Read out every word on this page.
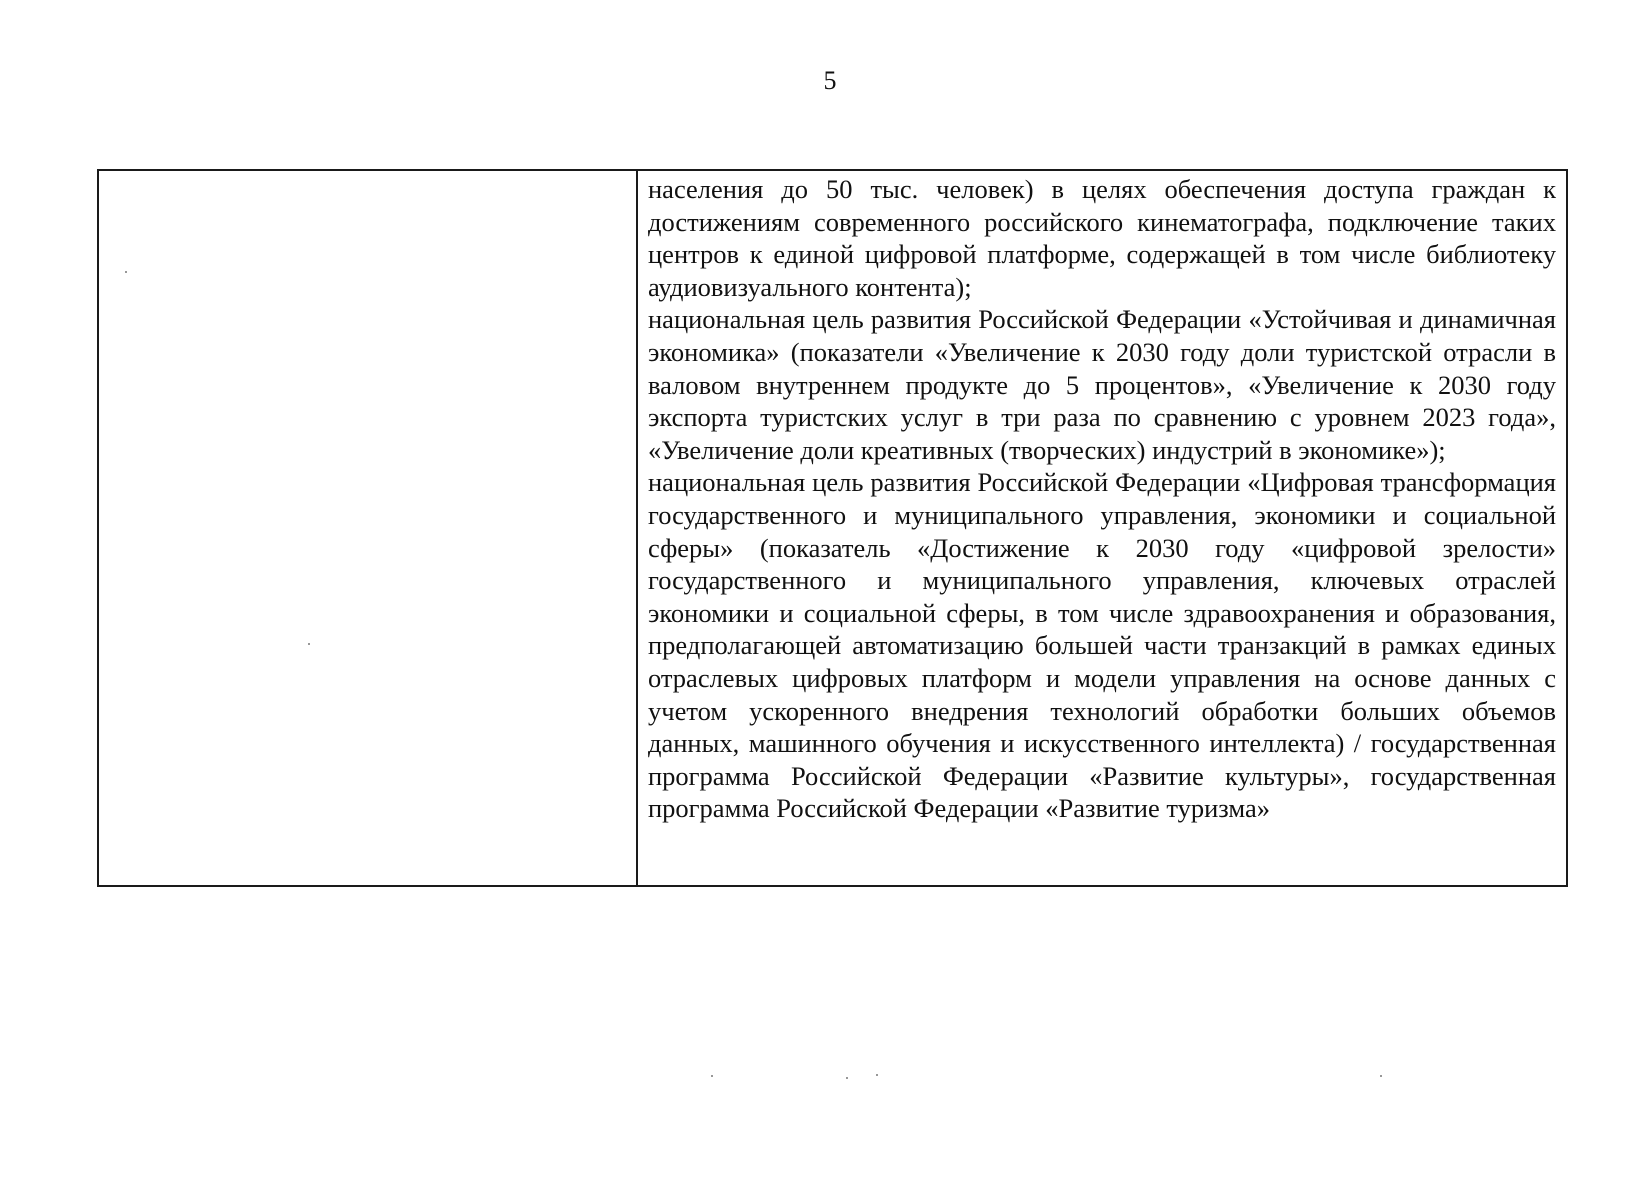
5

населения до 50 тыс. человек) в целях обеспечения доступа граждан к достижениям современного российского кинематографа, подключение таких центров к единой цифровой платформе, содержащей в том числе библиотеку аудиовизуального контента);

национальная цель развития Российской Федерации «Устойчивая и динамичная экономика» (показатели «Увеличение к 2030 году доли туристской отрасли в валовом внутреннем продукте до 5 процентов», «Увеличение к 2030 году экспорта туристских услуг в три раза по сравнению с уровнем 2023 года», «Увеличение доли креативных (творческих) индустрий в экономике»);

национальная цель развития Российской Федерации «Цифровая трансформация государственного и муниципального управления, экономики и социальной сферы» (показатель «Достижение к 2030 году «цифровой зрелости» государственного и муниципального управления, ключевых отраслей экономики и социальной сферы, в том числе здравоохранения и образования, предполагающей автоматизацию большей части транзакций в рамках единых отраслевых цифровых платформ и модели управления на основе данных с учетом ускоренного внедрения технологий обработки больших объемов данных, машинного обучения и искусственного интеллекта) / государственная программа Российской Федерации «Развитие культуры», государственная программа Российской Федерации «Развитие туризма»
